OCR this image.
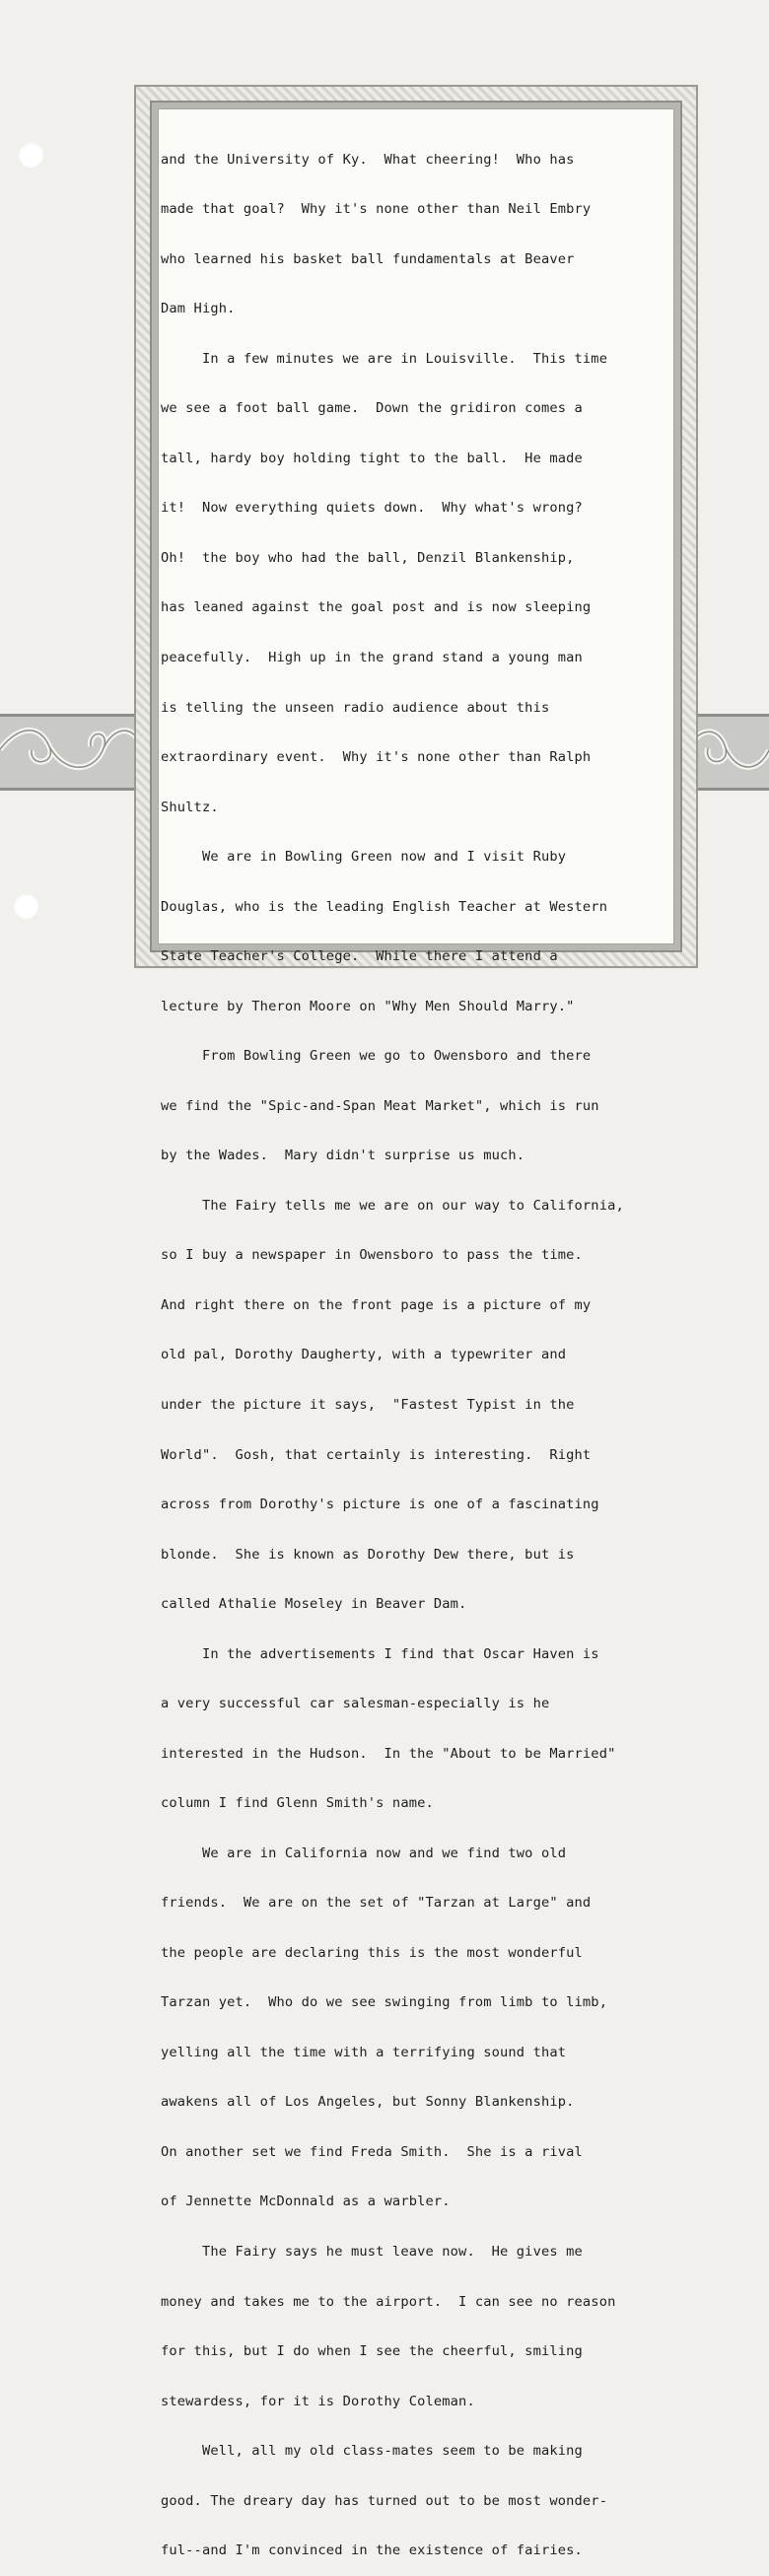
and the University of Ky.  What cheering!  Who has

made that goal?  Why it's none other than Neil Embry

who learned his basket ball fundamentals at Beaver

Dam High.

In a few minutes we are in Louisville.  This time

we see a foot ball game.  Down the gridiron comes a

tall, hardy boy holding tight to the ball.  He made

it!  Now everything quiets down.  Why what's wrong?

Oh!  the boy who had the ball, Denzil Blankenship,

has leaned against the goal post and is now sleeping

peacefully.  High up in the grand stand a young man

is telling the unseen radio audience about this

extraordinary event.  Why it's none other than Ralph

Shultz.

We are in Bowling Green now and I visit Ruby

Douglas, who is the leading English Teacher at Western

State Teacher's College.  While there I attend a

lecture by Theron Moore on "Why Men Should Marry."

From Bowling Green we go to Owensboro and there

we find the "Spic-and-Span Meat Market", which is run

by the Wades.  Mary didn't surprise us much.

The Fairy tells me we are on our way to California,

so I buy a newspaper in Owensboro to pass the time.

And right there on the front page is a picture of my

old pal, Dorothy Daugherty, with a typewriter and

under the picture it says,  "Fastest Typist in the

World".  Gosh, that certainly is interesting.  Right

across from Dorothy's picture is one of a fascinating

blonde.  She is known as Dorothy Dew there, but is

called Athalie Moseley in Beaver Dam.

In the advertisements I find that Oscar Haven is

a very successful car salesman-especially is he

interested in the Hudson.  In the "About to be Married"

column I find Glenn Smith's name.

We are in California now and we find two old

friends.  We are on the set of "Tarzan at Large" and

the people are declaring this is the most wonderful

Tarzan yet.  Who do we see swinging from limb to limb,

yelling all the time with a terrifying sound that

awakens all of Los Angeles, but Sonny Blankenship.

On another set we find Freda Smith.  She is a rival

of Jennette McDonnald as a warbler.

The Fairy says he must leave now.  He gives me

money and takes me to the airport.  I can see no reason

for this, but I do when I see the cheerful, smiling

stewardess, for it is Dorothy Coleman.

Well, all my old class-mates seem to be making

good. The dreary day has turned out to be most wonder-

ful--and I'm convinced in the existence of fairies.
